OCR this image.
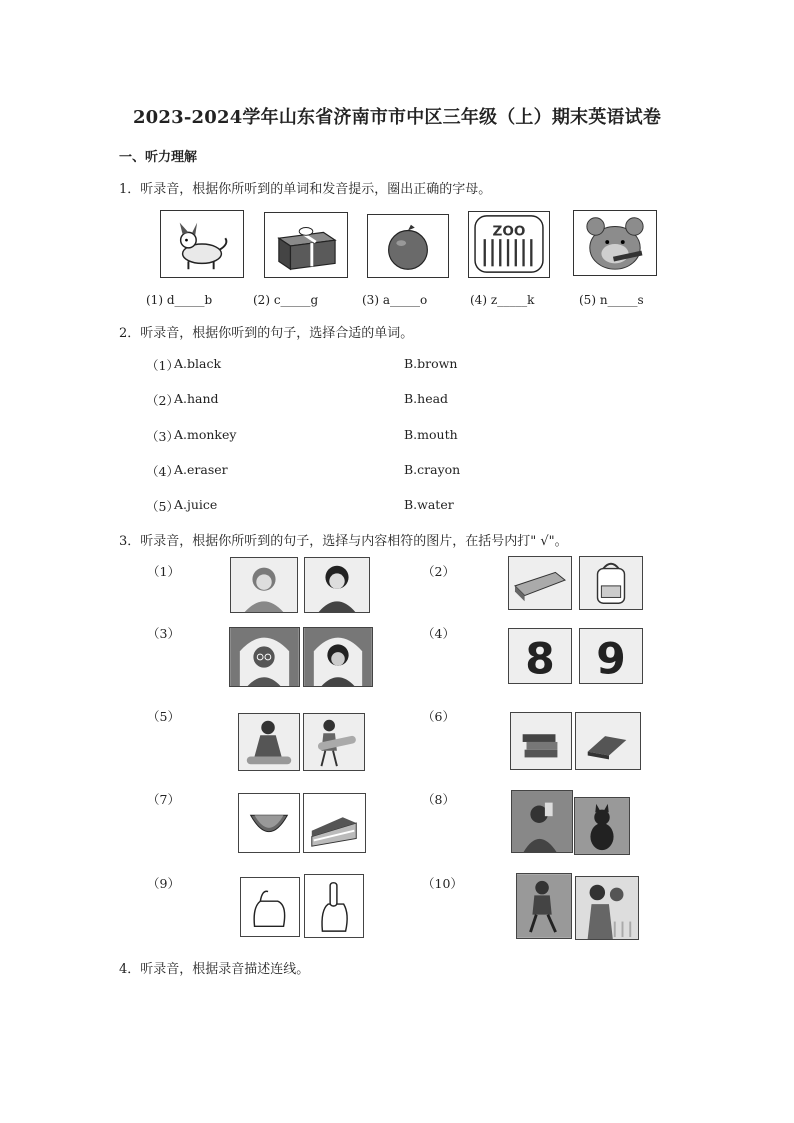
2023-2024学年山东省济南市市中区三年级（上）期末英语试卷
一、听力理解
1．听录音，根据你所听到的单词和发音提示，圈出正确的字母。
ZOO
(1) d_____b	(2) c_____g	(3) a_____o	(4) z_____k	(5) n_____s
2．听录音，根据你听到的句子，选择合适的单词。
（1）
A.black	B.brown
（2）
A.hand	B.head
（3）
A.monkey	B.mouth
（4）
A.eraser	B.crayon
（5）
A.juice	B.water
3．听录音，根据你所听到的句子，选择与内容相符的图片，在括号内打" √"。
（1）	（2）
（3）	（4）
（5）	（6）
（7）	（8）
（9）	（10）
8 9
4．听录音，根据录音描述连线。
